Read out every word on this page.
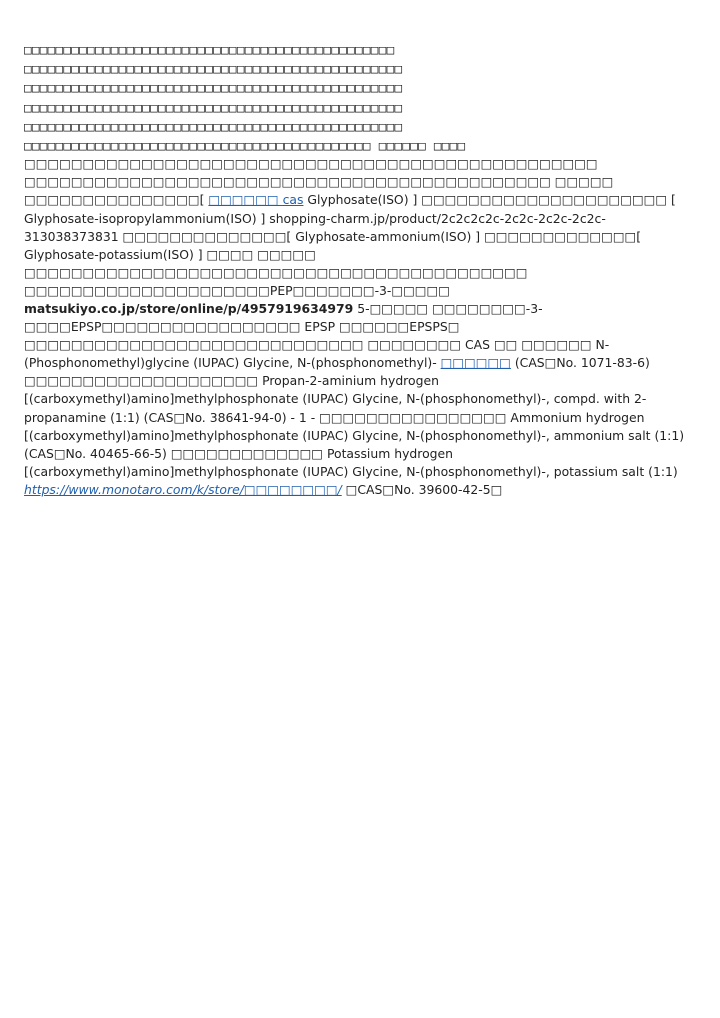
□□□□□□□□□□□□□□□□□□□□□□□□□□□□□□□□□□□□□□□□□□□□□□□
□□□□□□□□□□□□□□□□□□□□□□□□□□□□□□□□□□□□□□□□□□□□□□□□
□□□□□□□□□□□□□□□□□□□□□□□□□□□□□□□□□□□□□□□□□□□□□□□□
□□□□□□□□□□□□□□□□□□□□□□□□□□□□□□□□□□□□□□□□□□□□□□□□
□□□□□□□□□□□□□□□□□□□□□□□□□□□□□□□□□□□□□□□□□□□□□□□□
□□□□□□□□□□□□□□□□□□□□□□□□□□□□□□□□□□□□□□□□□□□□ □□□□□□ □□□□
□□□□□□□□□□□□□□□□□□□□□□□□□□□□□□□□□□□□□□□□□□□□□□□□□ □□□□□□□□□□□□□□□□□□□□□□□□□□□□□□□□□□□□□□□□□□□□□ □□□□□ □□□□□□□□□□□□□□□[ □□□□□□ cas Glyphosate(ISO) ] □□□□□□□□□□□□□□□□□□□□□ [ Glyphosate-isopropylammonium(ISO) ] shopping-charm.jp/product/2c2c2c2c-2c2c-2c2c-2c2c-313038373831 □□□□□□□□□□□□□□[ Glyphosate-ammonium(ISO) ] □□□□□□□□□□□□□[ Glyphosate-potassium(ISO) ] □□□□ □□□□□ □□□□□□□□□□□□□□□□□□□□□□□□□□□□□□□□□□□□□□□□□□□ □□□□□□□□□□□□□□□□□□□□□PEP□□□□□□□-3-□□□□□ matsukiyo.co.jp/store/online/p/4957919634979 5-□□□□□ □□□□□□□□-3-□□□□EPSP□□□□□□□□□□□□□□□□□ EPSP □□□□□□EPSPS□ □□□□□□□□□□□□□□□□□□□□□□□□□□□□□ □□□□□□□□ CAS □□ □□□□□□ N-(Phosphonomethyl)glycine (IUPAC) Glycine, N-(phosphonomethyl)- □□□□□□ (CAS□No. 1071-83-6) □□□□□□□□□□□□□□□□□□□□ Propan-2-aminium hydrogen [(carboxymethyl)amino]methylphosphonate (IUPAC) Glycine, N-(phosphonomethyl)-, compd. with 2-propanamine (1:1) (CAS□No. 38641-94-0) - 1 - □□□□□□□□□□□□□□□□ Ammonium hydrogen [(carboxymethyl)amino]methylphosphonate (IUPAC) Glycine, N-(phosphonomethyl)-, ammonium salt (1:1) (CAS□No. 40465-66-5) □□□□□□□□□□□□□ Potassium hydrogen [(carboxymethyl)amino]methylphosphonate (IUPAC) Glycine, N-(phosphonomethyl)-, potassium salt (1:1) https://www.monotaro.com/k/store/□□□□□□□□/ □CAS□No. 39600-42-5□
